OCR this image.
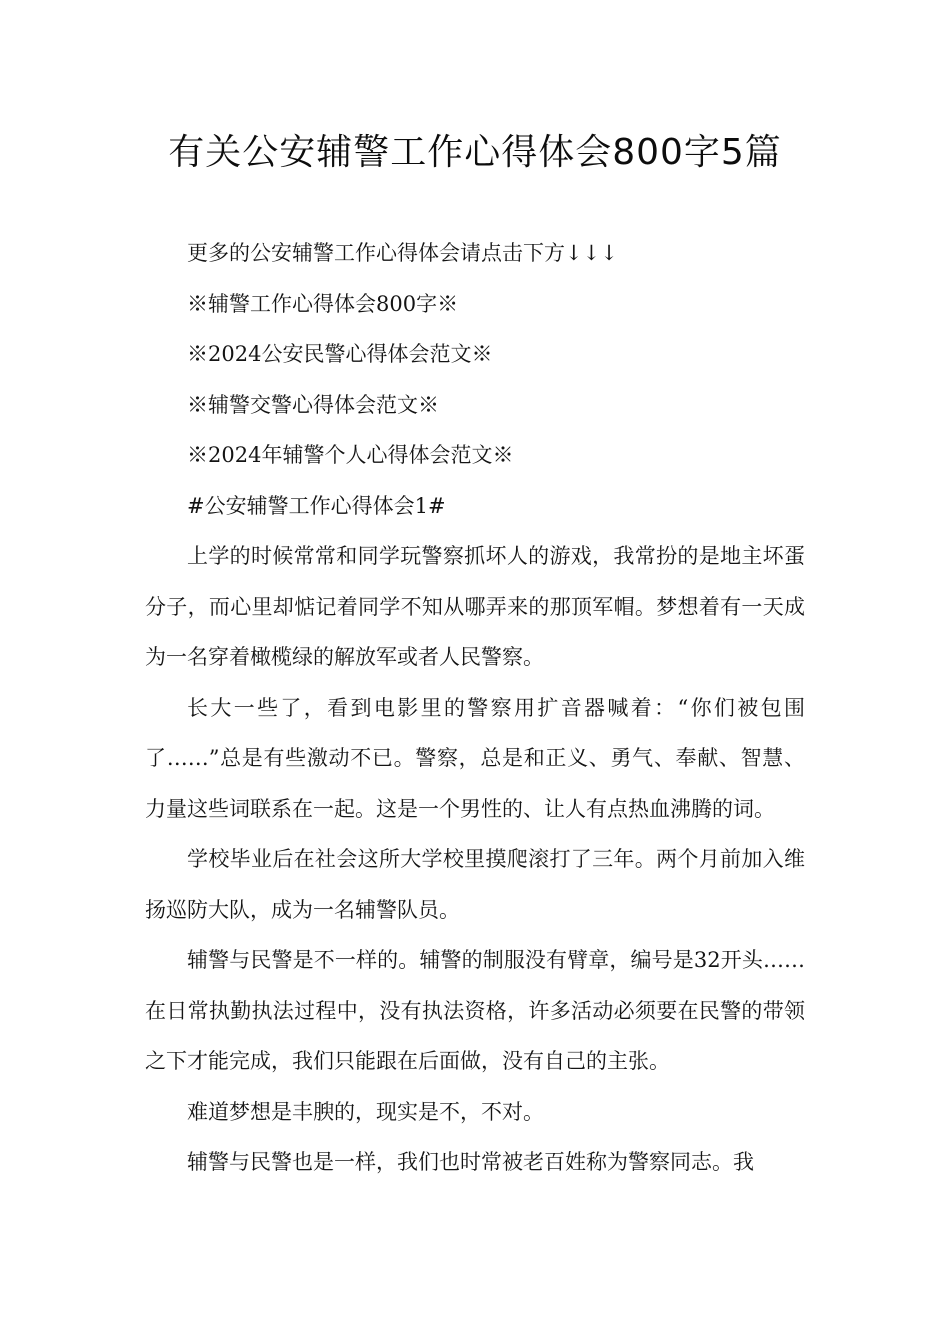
有关公安辅警工作心得体会800字5篇

更多的公安辅警工作心得体会请点击下方↓↓↓

※辅警工作心得体会800字※

※2024公安民警心得体会范文※

※辅警交警心得体会范文※

※2024年辅警个人心得体会范文※

#公安辅警工作心得体会1#

上学的时候常常和同学玩警察抓坏人的游戏，我常扮的是地主坏蛋分子，而心里却惦记着同学不知从哪弄来的那顶军帽。梦想着有一天成为一名穿着橄榄绿的解放军或者人民警察。

长大一些了，看到电影里的警察用扩音器喊着：“你们被包围了……”总是有些激动不已。警察，总是和正义、勇气、奉献、智慧、力量这些词联系在一起。这是一个男性的、让人有点热血沸腾的词。

学校毕业后在社会这所大学校里摸爬滚打了三年。两个月前加入维扬巡防大队，成为一名辅警队员。

辅警与民警是不一样的。辅警的制服没有臂章，编号是32开头……在日常执勤执法过程中，没有执法资格，许多活动必须要在民警的带领之下才能完成，我们只能跟在后面做，没有自己的主张。

难道梦想是丰腴的，现实是不，不对。

辅警与民警也是一样，我们也时常被老百姓称为警察同志。我
